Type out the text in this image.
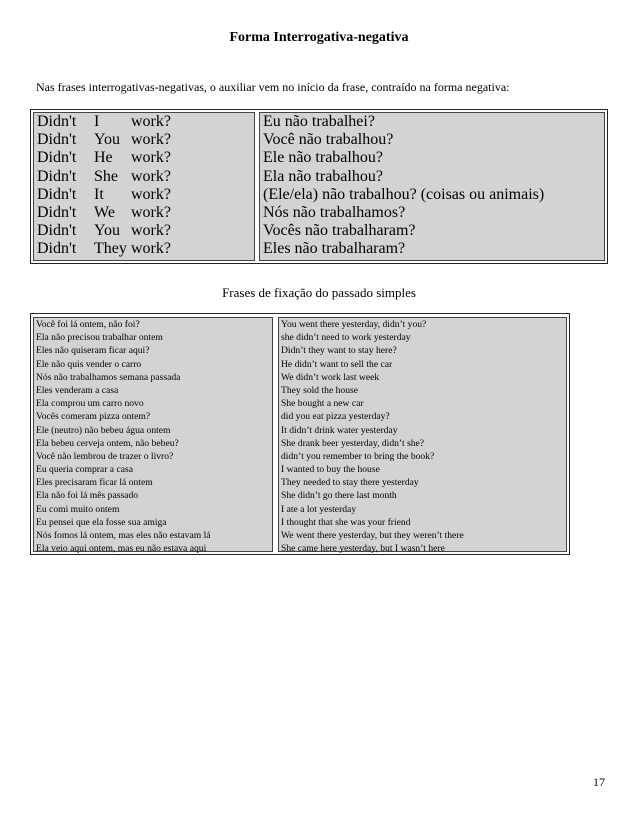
Forma Interrogativa-negativa
Nas frases interrogativas-negativas, o auxiliar vem no início da frase, contraído na forma negativa:
Didn't I work?
Didn't You work?
Didn't He work?
Didn't She work?
Didn't It work?
Didn't We work?
Didn't You work?
Didn't They work?
Eu não trabalhei?
Você não trabalhou?
Ele não trabalhou?
Ela não trabalhou?
(Ele/ela) não trabalhou? (coisas ou animais)
Nós não trabalhamos?
Vocês não trabalharam?
Eles não trabalharam?
Frases de fixação do passado simples
Você foi lá ontem, não foi?
Ela não precisou trabalhar ontem
Eles não quiseram ficar aqui?
Ele não quis vender o carro
Nós não trabalhamos semana passada
Eles venderam a casa
Ela comprou um carro novo
Vocês comeram pizza ontem?
Ele (neutro) não bebeu água ontem
Ela bebeu cerveja ontem, não bebeu?
Você não lembrou de trazer o livro?
Eu queria comprar a casa
Eles precisaram ficar lá ontem
Ela não foi lá mês passado
Eu comi muito ontem
Eu pensei que ela fosse sua amiga
Nós fomos lá ontem, mas eles não estavam lá
Ela veio aqui ontem, mas eu não estava aqui
You went there yesterday, didn’t you?
she didn’t need to work yesterday
Didn’t they want to stay here?
He didn’t want to sell the car
We didn’t work last week
They sold the house
She bought a new car
did you eat pizza yesterday?
It didn’t drink water yesterday
She drank beer yesterday, didn’t she?
didn’t you remember to bring the book?
I wanted to buy the house
They needed to stay there yesterday
She didn’t go there last month
I ate a lot yesterday
I thought that she was your friend
We went there yesterday, but they weren’t there
She came here yesterday, but I wasn’t here
17
